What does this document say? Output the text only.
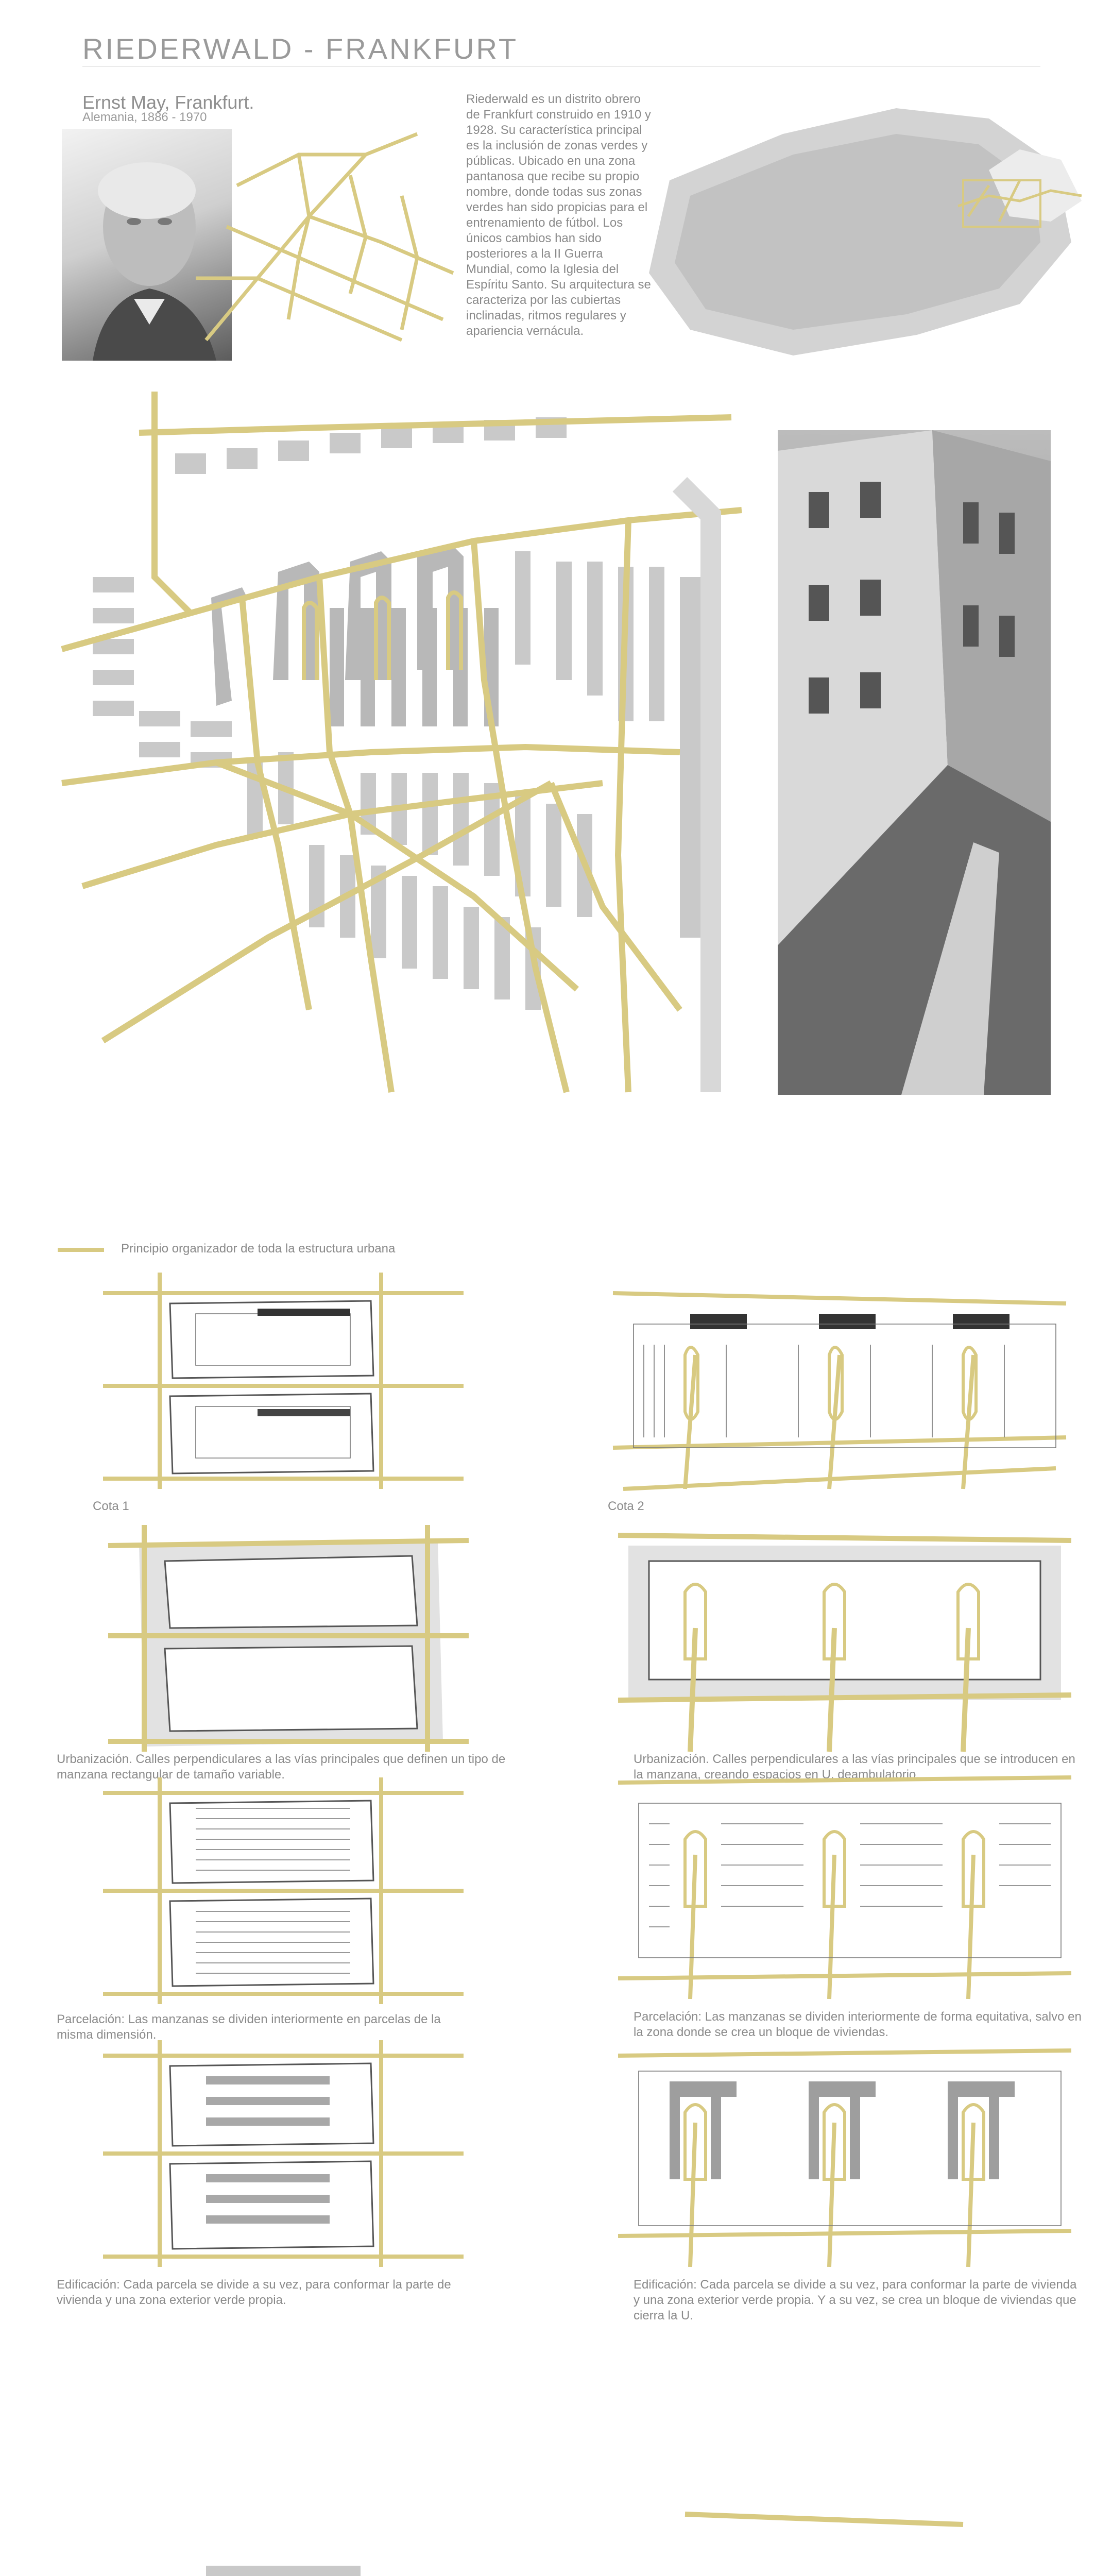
RIEDERWALD - FRANKFURT
Ernst May, Frankfurt.
Alemania, 1886 - 1970
Riederwald es un distrito obrero de Frankfurt construido en 1910 y 1928. Su característica principal es la inclusión de zonas verdes y públicas. Ubicado en una zona pantanosa que recibe su propio nombre, donde todas sus zonas verdes han sido propicias para el entrenamiento de fútbol. Los únicos cambios han sido posteriores a la II Guerra Mundial, como la Iglesia del Espíritu Santo. Su arquitectura se caracteriza por las cubiertas inclinadas, ritmos regulares y apariencia vernácula.
Principio organizador de toda la estructura urbana
Cota 1
Urbanización. Calles perpendiculares a las vías principales que definen un tipo de manzana rectangular de tamaño variable.
Parcelación: Las manzanas se dividen interiormente en parcelas de la misma dimensión.
Edificación: Cada parcela se divide a su vez, para conformar la parte de vivienda y una zona exterior verde propia.
Cota 2
Urbanización. Calles perpendiculares a las vías principales que se introducen en la manzana, creando espacios en U, deambulatorio.
Parcelación: Las manzanas se dividen interiormente de forma equitativa, salvo en la zona donde se crea un bloque de viviendas.
Edificación: Cada parcela se divide a su vez, para conformar la parte de vivienda y una zona exterior verde propia. Y a su vez, se crea un bloque de viviendas que cierra la U.
